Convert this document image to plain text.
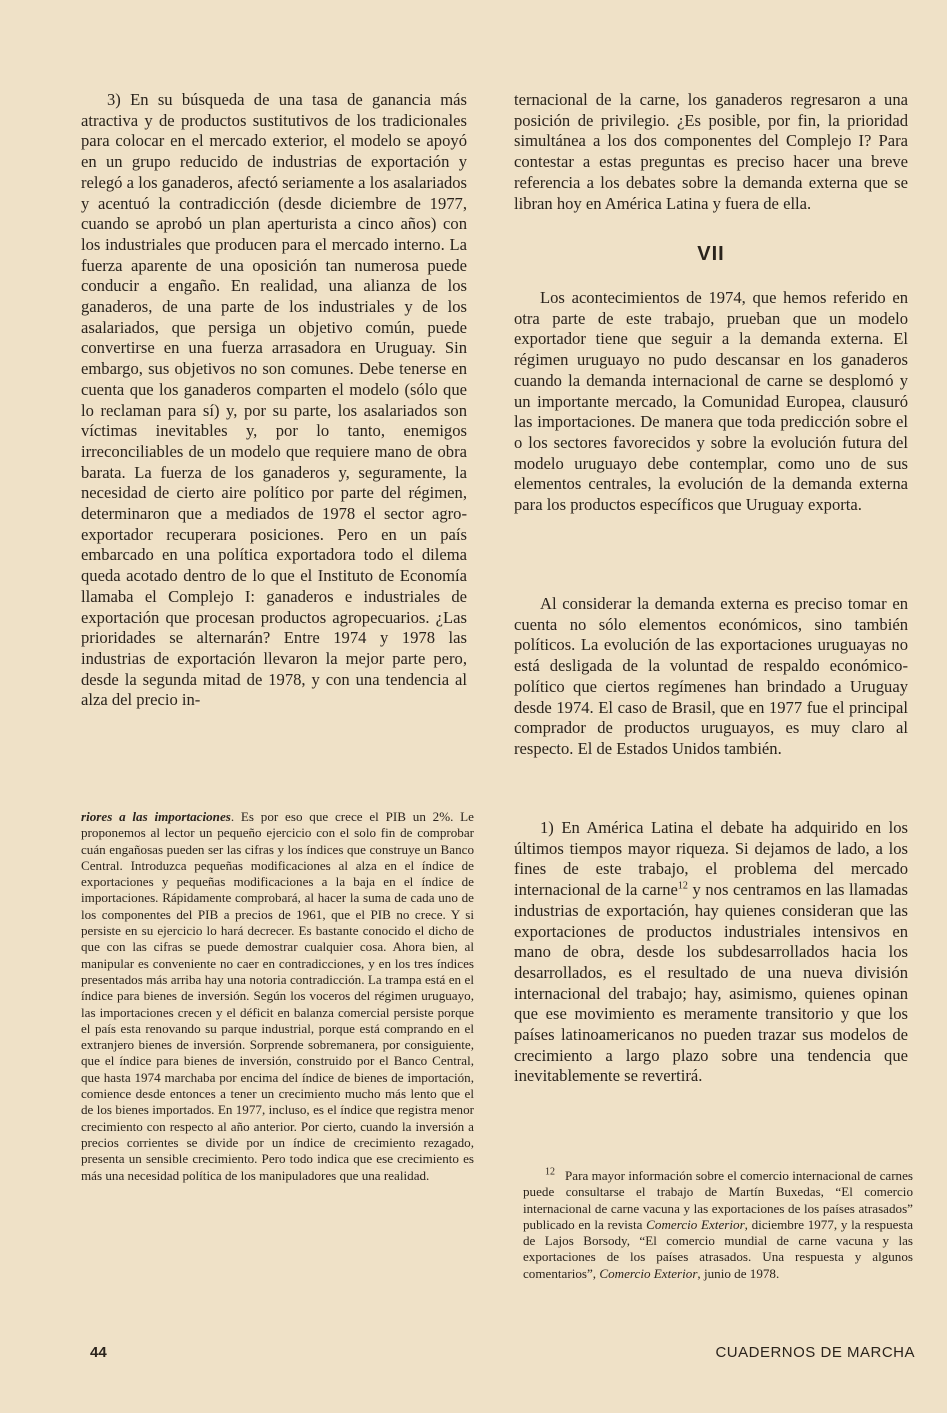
3) En su búsqueda de una tasa de ganancia más atractiva y de productos sustitutivos de los tradicionales para colocar en el mercado exterior, el modelo se apoyó en un grupo reducido de industrias de exportación y relegó a los ganaderos, afectó seriamente a los asalariados y acentuó la contradicción (desde diciembre de 1977, cuando se aprobó un plan aperturista a cinco años) con los industriales que producen para el mercado interno. La fuerza aparente de una oposición tan numerosa puede conducir a engaño. En realidad, una alianza de los ganaderos, de una parte de los industriales y de los asalariados, que persiga un objetivo común, puede convertirse en una fuerza arrasadora en Uruguay. Sin embargo, sus objetivos no son comunes. Debe tenerse en cuenta que los ganaderos comparten el modelo (sólo que lo reclaman para sí) y, por su parte, los asalariados son víctimas inevitables y, por lo tanto, enemigos irreconciliables de un modelo que requiere mano de obra barata. La fuerza de los ganaderos y, seguramente, la necesidad de cierto aire político por parte del régimen, determinaron que a mediados de 1978 el sector agro-exportador recuperara posiciones. Pero en un país embarcado en una política exportadora todo el dilema queda acotado dentro de lo que el Instituto de Economía llamaba el Complejo I: ganaderos e industriales de exportación que procesan productos agropecuarios. ¿Las prioridades se alternarán? Entre 1974 y 1978 las industrias de exportación llevaron la mejor parte pero, desde la segunda mitad de 1978, y con una tendencia al alza del precio in-

riores a las importaciones. Es por eso que crece el PIB un 2%. Le proponemos al lector un pequeño ejercicio con el solo fin de comprobar cuán engañosas pueden ser las cifras y los índices que construye un Banco Central. Introduzca pequeñas modificaciones al alza en el índice de exportaciones y pequeñas modificaciones a la baja en el índice de importaciones. Rápidamente comprobará, al hacer la suma de cada uno de los componentes del PIB a precios de 1961, que el PIB no crece. Y si persiste en su ejercicio lo hará decrecer. Es bastante conocido el dicho de que con las cifras se puede demostrar cualquier cosa. Ahora bien, al manipular es conveniente no caer en contradicciones, y en los tres índices presentados más arriba hay una notoria contradicción. La trampa está en el índice para bienes de inversión. Según los voceros del régimen uruguayo, las importaciones crecen y el déficit en balanza comercial persiste porque el país esta renovando su parque industrial, porque está comprando en el extranjero bienes de inversión. Sorprende sobremanera, por consiguiente, que el índice para bienes de inversión, construido por el Banco Central, que hasta 1974 marchaba por encima del índice de bienes de importación, comience desde entonces a tener un crecimiento mucho más lento que el de los bienes importados. En 1977, incluso, es el índice que registra menor crecimiento con respecto al año anterior. Por cierto, cuando la inversión a precios corrientes se divide por un índice de crecimiento rezagado, presenta un sensible crecimiento. Pero todo indica que ese crecimiento es más una necesidad política de los manipuladores que una realidad.

ternacional de la carne, los ganaderos regresaron a una posición de privilegio. ¿Es posible, por fin, la prioridad simultánea a los dos componentes del Complejo I? Para contestar a estas preguntas es preciso hacer una breve referencia a los debates sobre la demanda externa que se libran hoy en América Latina y fuera de ella.

VII

Los acontecimientos de 1974, que hemos referido en otra parte de este trabajo, prueban que un modelo exportador tiene que seguir a la demanda externa. El régimen uruguayo no pudo descansar en los ganaderos cuando la demanda internacional de carne se desplomó y un importante mercado, la Comunidad Europea, clausuró las importaciones. De manera que toda predicción sobre el o los sectores favorecidos y sobre la evolución futura del modelo uruguayo debe contemplar, como uno de sus elementos centrales, la evolución de la demanda externa para los productos específicos que Uruguay exporta.

Al considerar la demanda externa es preciso tomar en cuenta no sólo elementos económicos, sino también políticos. La evolución de las exportaciones uruguayas no está desligada de la voluntad de respaldo económico-político que ciertos regímenes han brindado a Uruguay desde 1974. El caso de Brasil, que en 1977 fue el principal comprador de productos uruguayos, es muy claro al respecto. El de Estados Unidos también.

1) En América Latina el debate ha adquirido en los últimos tiempos mayor riqueza. Si dejamos de lado, a los fines de este trabajo, el problema del mercado internacional de la carne$^{12}$ y nos centramos en las llamadas industrias de exportación, hay quienes consideran que las exportaciones de productos industriales intensivos en mano de obra, desde los subdesarrollados hacia los desarrollados, es el resultado de una nueva división internacional del trabajo; hay, asimismo, quienes opinan que ese movimiento es meramente transitorio y que los países latinoamericanos no pueden trazar sus modelos de crecimiento a largo plazo sobre una tendencia que inevitablemente se revertirá.

$^{12}$ Para mayor información sobre el comercio internacional de carnes puede consultarse el trabajo de Martín Buxedas, “El comercio internacional de carne vacuna y las exportaciones de los países atrasados” publicado en la revista Comercio Exterior, diciembre 1977, y la respuesta de Lajos Borsody, “El comercio mundial de carne vacuna y las exportaciones de los países atrasados. Una respuesta y algunos comentarios”, Comercio Exterior, junio de 1978.

44	CUADERNOS DE MARCHA
